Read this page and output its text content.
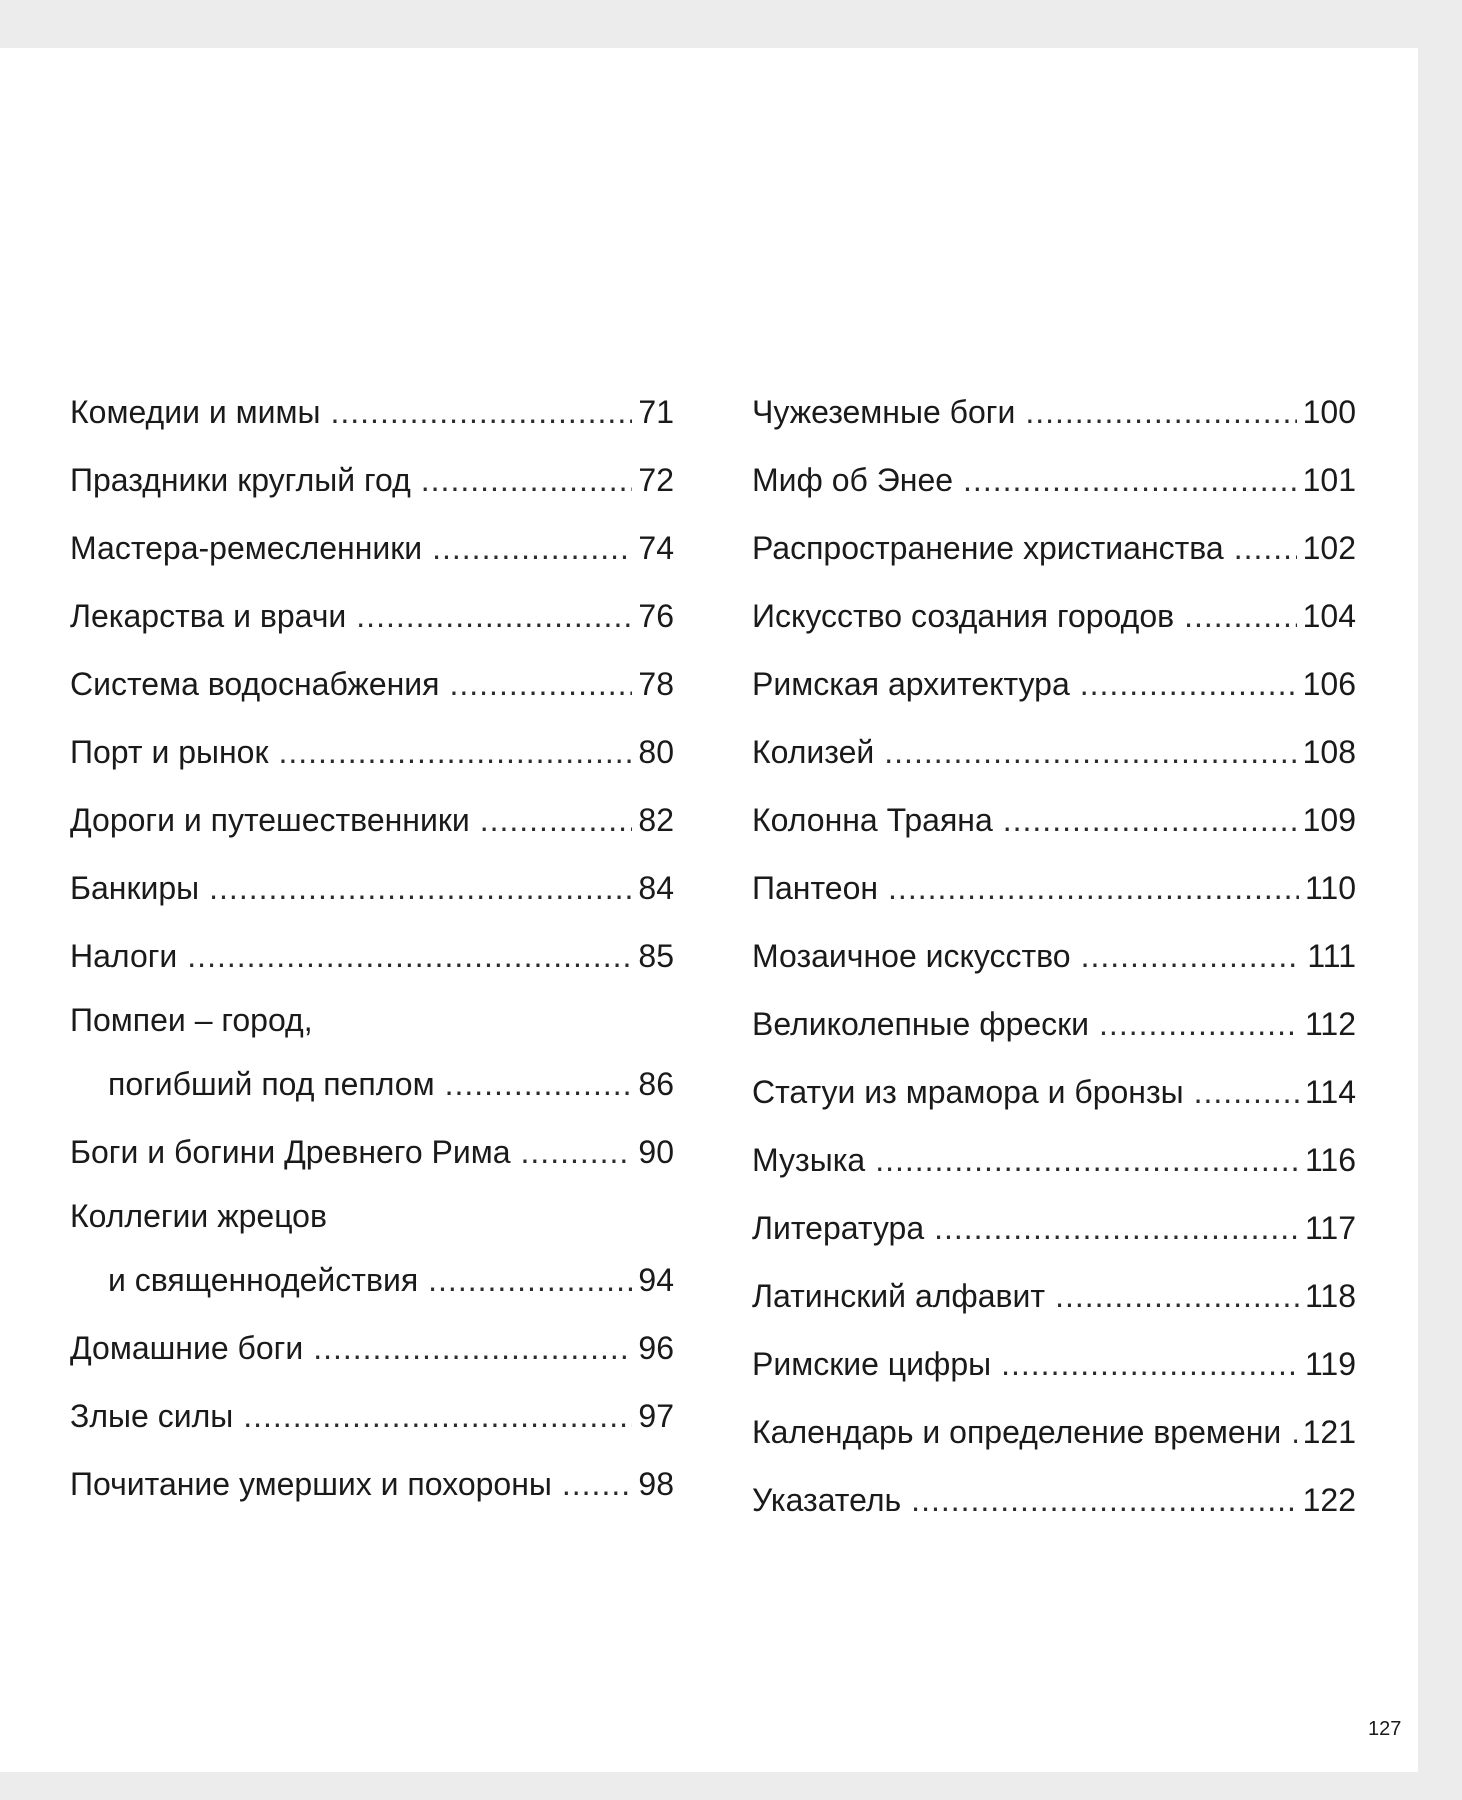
Комедии и мимы .....	71
Праздники круглый год .....	72
Мастера-ремесленники .....	74
Лекарства и врачи .....	76
Система водоснабжения .....	78
Порт и рынок .....	80
Дороги и путешественники .....	82
Банкиры .....	84
Налоги .....	85
Помпеи – город,
погибший под пеплом .....	86
Боги и богини Древнего Рима .....	90
Коллегии жрецов
и священнодействия .....	94
Домашние боги .....	96
Злые силы .....	97
Почитание умерших и похороны .....	98
Чужеземные боги .....	100
Миф об Энее .....	101
Распространение христианства ..... 102
Искусство создания городов .....	104
Римская архитектура .....	106
Колизей .....	108
Колонна Траяна .....	109
Пантеон .....	110
Мозаичное искусство .....	111
Великолепные фрески .....	112
Статуи из мрамора и бронзы .....	114
Музыка .....	116
Литература .....	117
Латинский алфавит .....	118
Римские цифры .....	119
Календарь и определение времени ..... 121
Указатель .....	122
127
